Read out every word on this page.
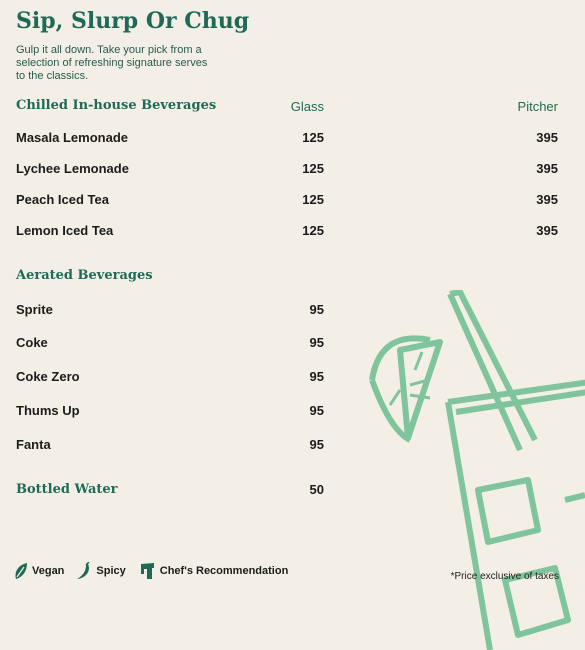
Sip, Slurp Or Chug
Gulp it all down. Take your pick from a selection of refreshing signature serves to the classics.
Chilled In-house Beverages	Glass	Pitcher
Masala Lemonade	125	395
Lychee Lemonade	125	395
Peach Iced Tea	125	395
Lemon Iced Tea	125	395
Aerated Beverages
Sprite	95
Coke	95
Coke Zero	95
Thums Up	95
Fanta	95
Bottled Water	50
Vegan	Spicy	Chef's Recommendation	*Price exclusive of taxes
